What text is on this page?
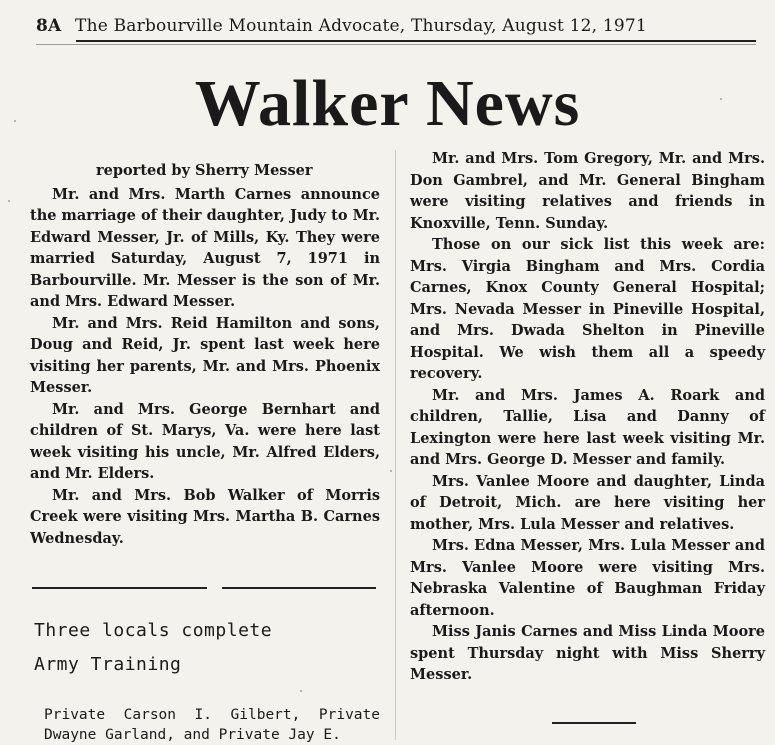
8A The Barbourville Mountain Advocate, Thursday, August 12, 1971
Walker News

reported by Sherry Messer

Mr. and Mrs. Marth Carnes announce the marriage of their daughter, Judy to Mr. Edward Messer, Jr. of Mills, Ky. They were married Saturday, August 7, 1971 in Barbourville. Mr. Messer is the son of Mr. and Mrs. Edward Messer.

Mr. and Mrs. Reid Hamilton and sons, Doug and Reid, Jr. spent last week here visiting her parents, Mr. and Mrs. Phoenix Messer.

Mr. and Mrs. George Bernhart and children of St. Marys, Va. were here last week visiting his uncle, Mr. Alfred Elders, and Mr. Elders.

Mr. and Mrs. Bob Walker of Morris Creek were visiting Mrs. Martha B. Carnes Wednesday.

Three locals complete
Army Training

Private Carson I. Gilbert, Private Dwayne Garland, and Private Jay E.

Mr. and Mrs. Tom Gregory, Mr. and Mrs. Don Gambrel, and Mr. General Bingham were visiting relatives and friends in Knoxville, Tenn. Sunday.

Those on our sick list this week are: Mrs. Virgia Bingham and Mrs. Cordia Carnes, Knox County General Hospital; Mrs. Nevada Messer in Pineville Hospital, and Mrs. Dwada Shelton in Pineville Hospital. We wish them all a speedy recovery.

Mr. and Mrs. James A. Roark and children, Tallie, Lisa and Danny of Lexington were here last week visiting Mr. and Mrs. George D. Messer and family.

Mrs. Vanlee Moore and daughter, Linda of Detroit, Mich. are here visiting her mother, Mrs. Lula Messer and relatives.

Mrs. Edna Messer, Mrs. Lula Messer and Mrs. Vanlee Moore were visiting Mrs. Nebraska Valentine of Baughman Friday afternoon.

Miss Janis Carnes and Miss Linda Moore spent Thursday night with Miss Sherry Messer.
